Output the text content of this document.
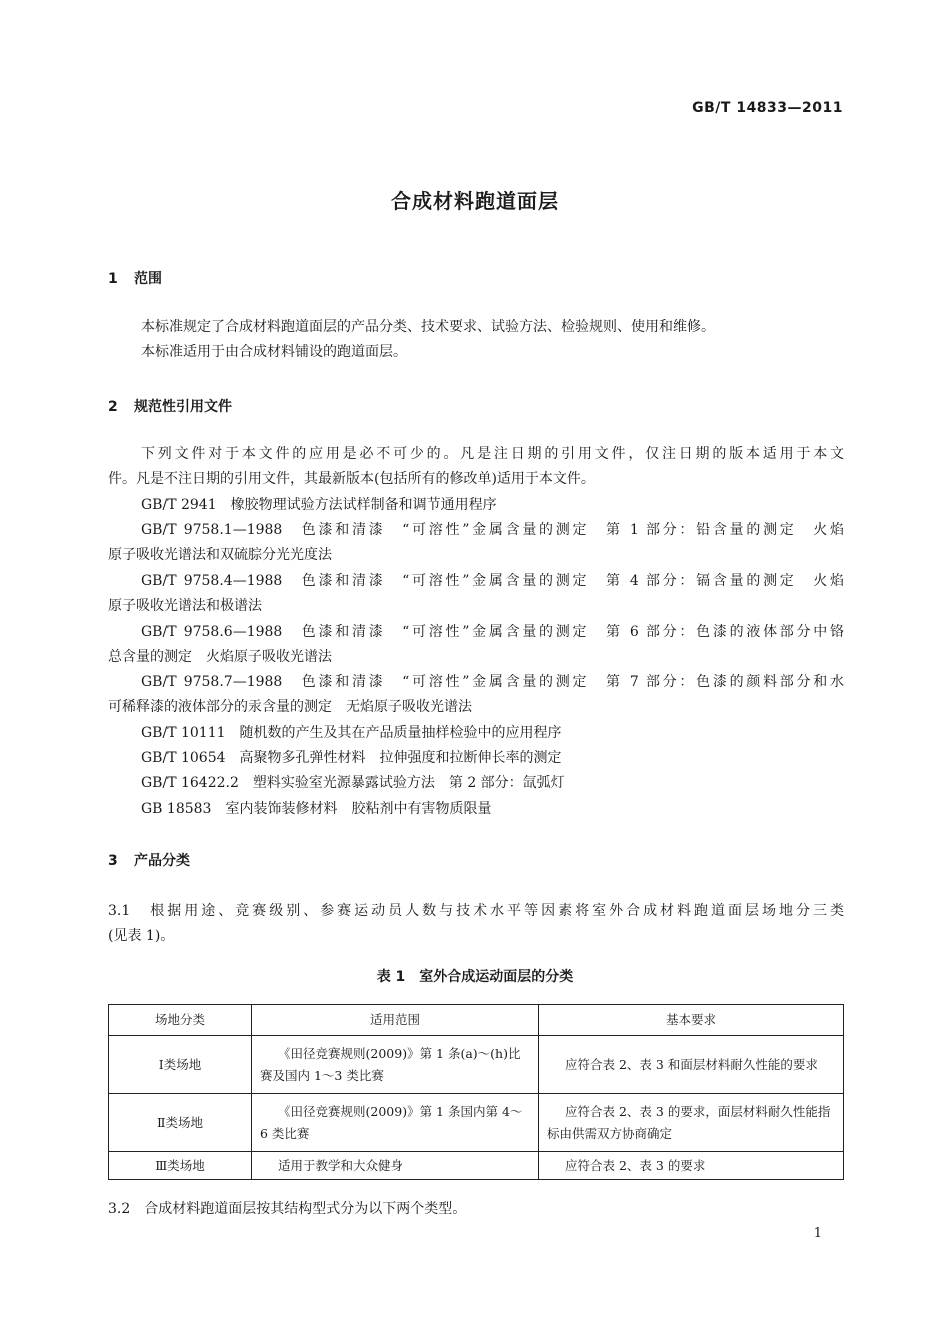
GB/T 14833—2011
合成材料跑道面层
1 范围
本标准规定了合成材料跑道面层的产品分类、技术要求、试验方法、检验规则、使用和维修。
本标准适用于由合成材料铺设的跑道面层。
2 规范性引用文件
下列文件对于本文件的应用是必不可少的。凡是注日期的引用文件，仅注日期的版本适用于本文
件。凡是不注日期的引用文件，其最新版本(包括所有的修改单)适用于本文件。
GB/T 2941　橡胶物理试验方法试样制备和调节通用程序
GB/T 9758.1—1988　色漆和清漆　“可溶性”金属含量的测定　第 1 部分：铅含量的测定　火焰
原子吸收光谱法和双硫腙分光光度法
GB/T 9758.4—1988　色漆和清漆　“可溶性”金属含量的测定　第 4 部分：镉含量的测定　火焰
原子吸收光谱法和极谱法
GB/T 9758.6—1988　色漆和清漆　“可溶性”金属含量的测定　第 6 部分：色漆的液体部分中铬
总含量的测定　火焰原子吸收光谱法
GB/T 9758.7—1988　色漆和清漆　“可溶性”金属含量的测定　第 7 部分：色漆的颜料部分和水
可稀释漆的液体部分的汞含量的测定　无焰原子吸收光谱法
GB/T 10111　随机数的产生及其在产品质量抽样检验中的应用程序
GB/T 10654　高聚物多孔弹性材料　拉伸强度和拉断伸长率的测定
GB/T 16422.2　塑料实验室光源暴露试验方法　第 2 部分：氙弧灯
GB 18583　室内装饰装修材料　胶粘剂中有害物质限量
3 产品分类
3.1　根据用途、竞赛级别、参赛运动员人数与技术水平等因素将室外合成材料跑道面层场地分三类
(见表 1)。
表 1　室外合成运动面层的分类
场地分类	适用范围	基本要求
Ⅰ类场地	《田径竞赛规则(2009)》第 1 条(a)～(h)比赛及国内 1～3 类比赛	应符合表 2、表 3 和面层材料耐久性能的要求
Ⅱ类场地	《田径竞赛规则(2009)》第 1 条国内第 4～6 类比赛	应符合表 2、表 3 的要求，面层材料耐久性能指标由供需双方协商确定
Ⅲ类场地	适用于教学和大众健身	应符合表 2、表 3 的要求
3.2　合成材料跑道面层按其结构型式分为以下两个类型。
1
